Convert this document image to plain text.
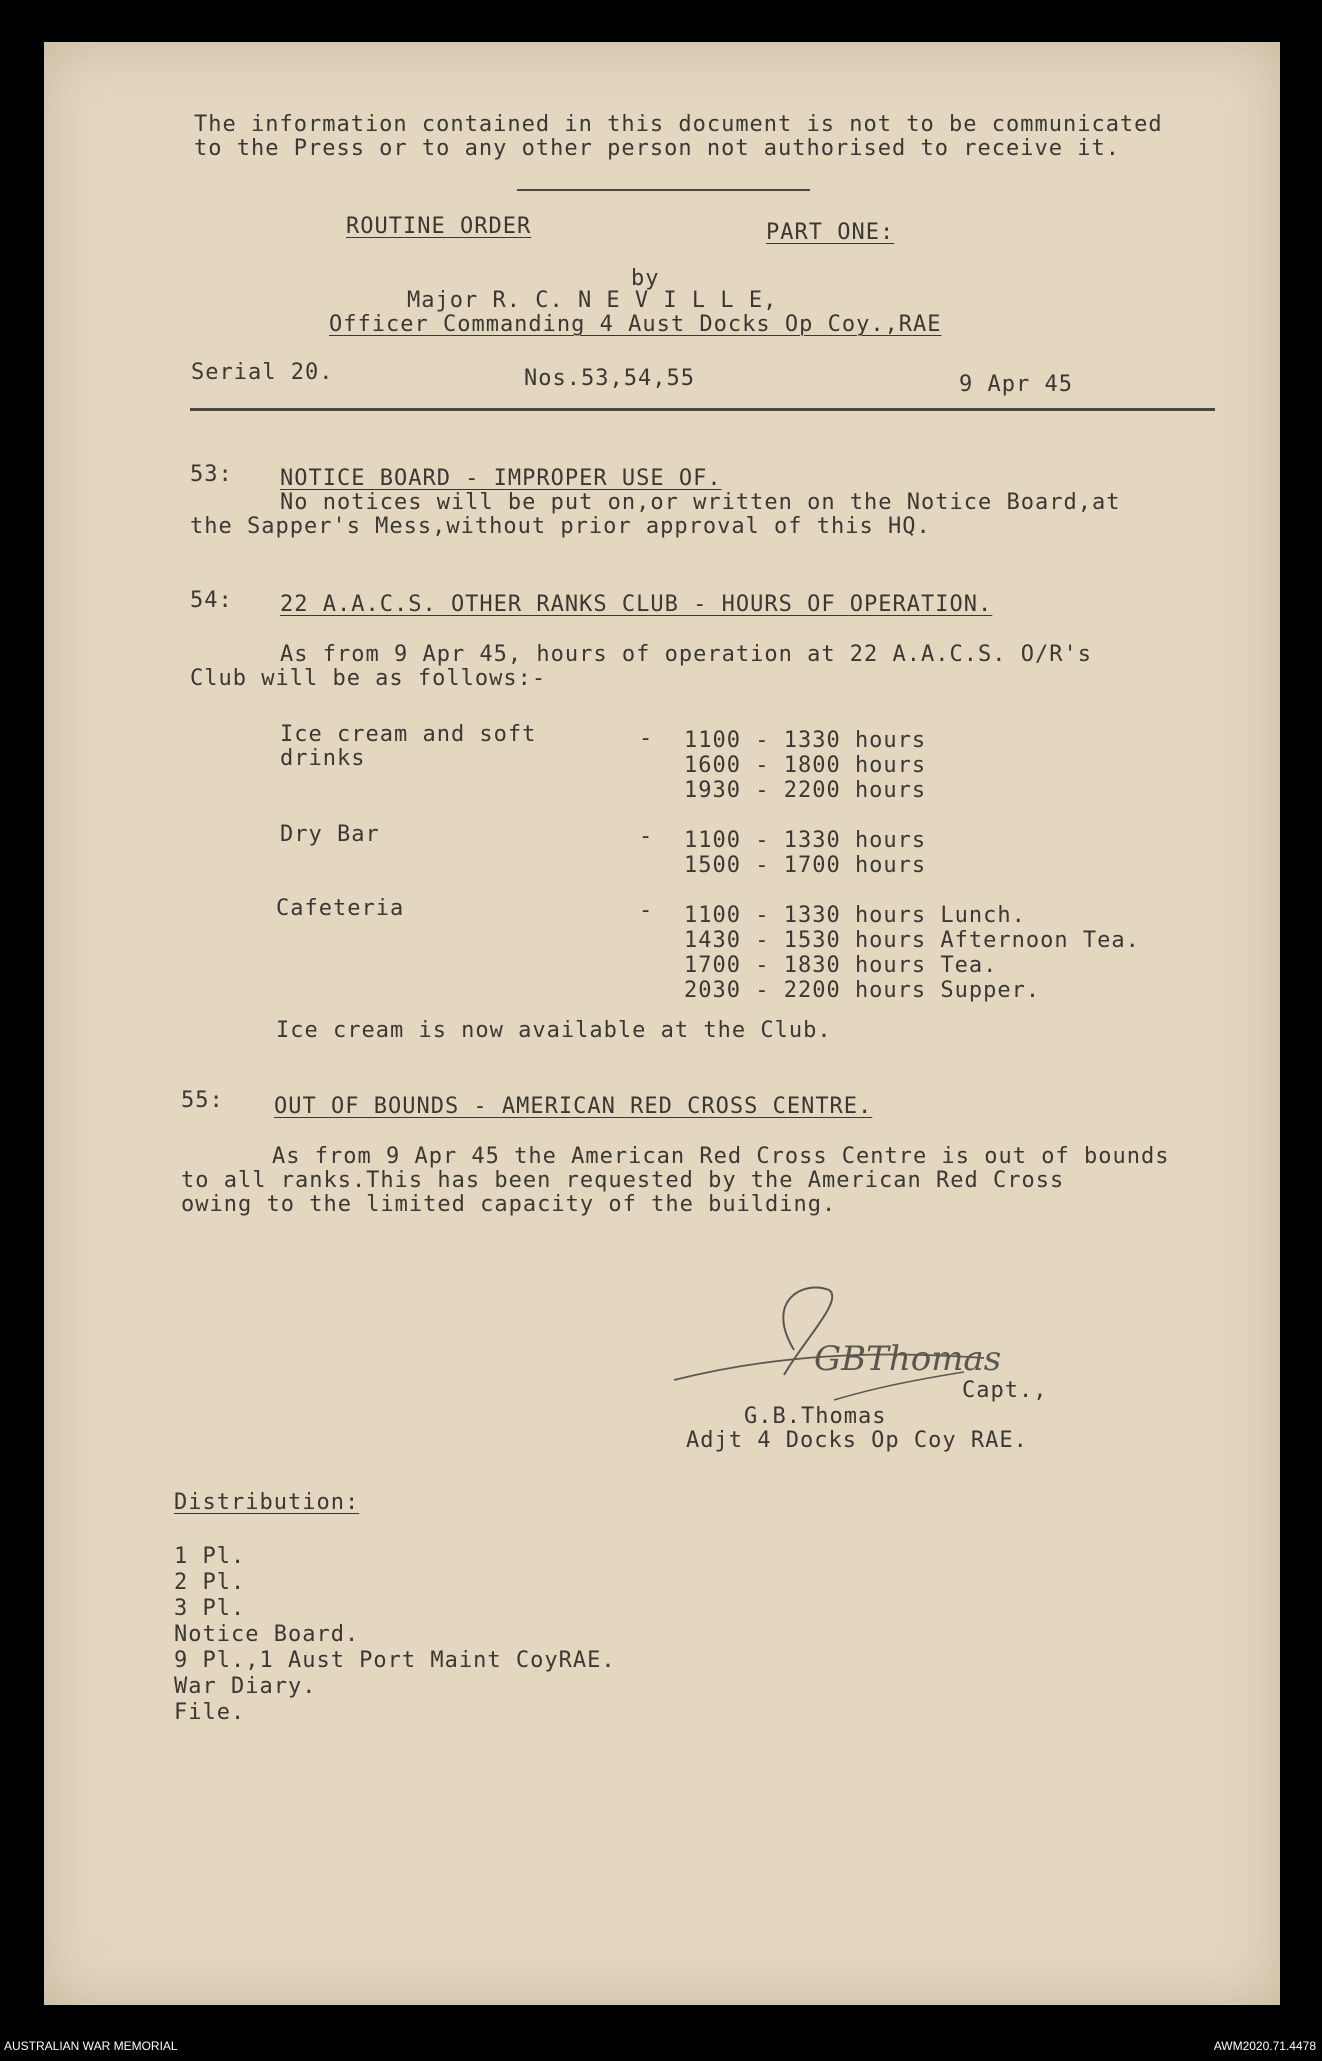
The information contained in this document is not to be communicated
to the Press or to any other person not authorised to receive it.
ROUTINE ORDER	PART ONE:
by
Major R. C. N E V I L L E,
Officer Commanding 4 Aust Docks Op Coy.,RAE
Serial 20.	Nos.53,54,55	9 Apr 45
53: NOTICE BOARD - IMPROPER USE OF.
No notices will be put on,or written on the Notice Board,at
the Sapper's Mess,without prior approval of this HQ.
54: 22 A.A.C.S. OTHER RANKS CLUB - HOURS OF OPERATION.
As from 9 Apr 45, hours of operation at 22 A.A.C.S. O/R's
Club will be as follows:-
Ice cream and soft
drinks
- 1100 - 1330 hours
1600 - 1800 hours
1930 - 2200 hours
Dry Bar	- 1100 - 1330 hours
1500 - 1700 hours
Cafeteria	- 1100 - 1330 hours Lunch.
1430 - 1530 hours Afternoon Tea.
1700 - 1830 hours Tea.
2030 - 2200 hours Supper.
Ice cream is now available at the Club.
55: OUT OF BOUNDS - AMERICAN RED CROSS CENTRE.
As from 9 Apr 45 the American Red Cross Centre is out of bounds
to all ranks.This has been requested by the American Red Cross
owing to the limited capacity of the building.
GBThomas
Capt.,
G.B.Thomas
Adjt 4 Docks Op Coy RAE.
Distribution:
1 Pl.
2 Pl.
3 Pl.
Notice Board.
9 Pl.,1 Aust Port Maint CoyRAE.
War Diary.
File.
AUSTRALIAN WAR MEMORIAL	AWM2020.71.4478
